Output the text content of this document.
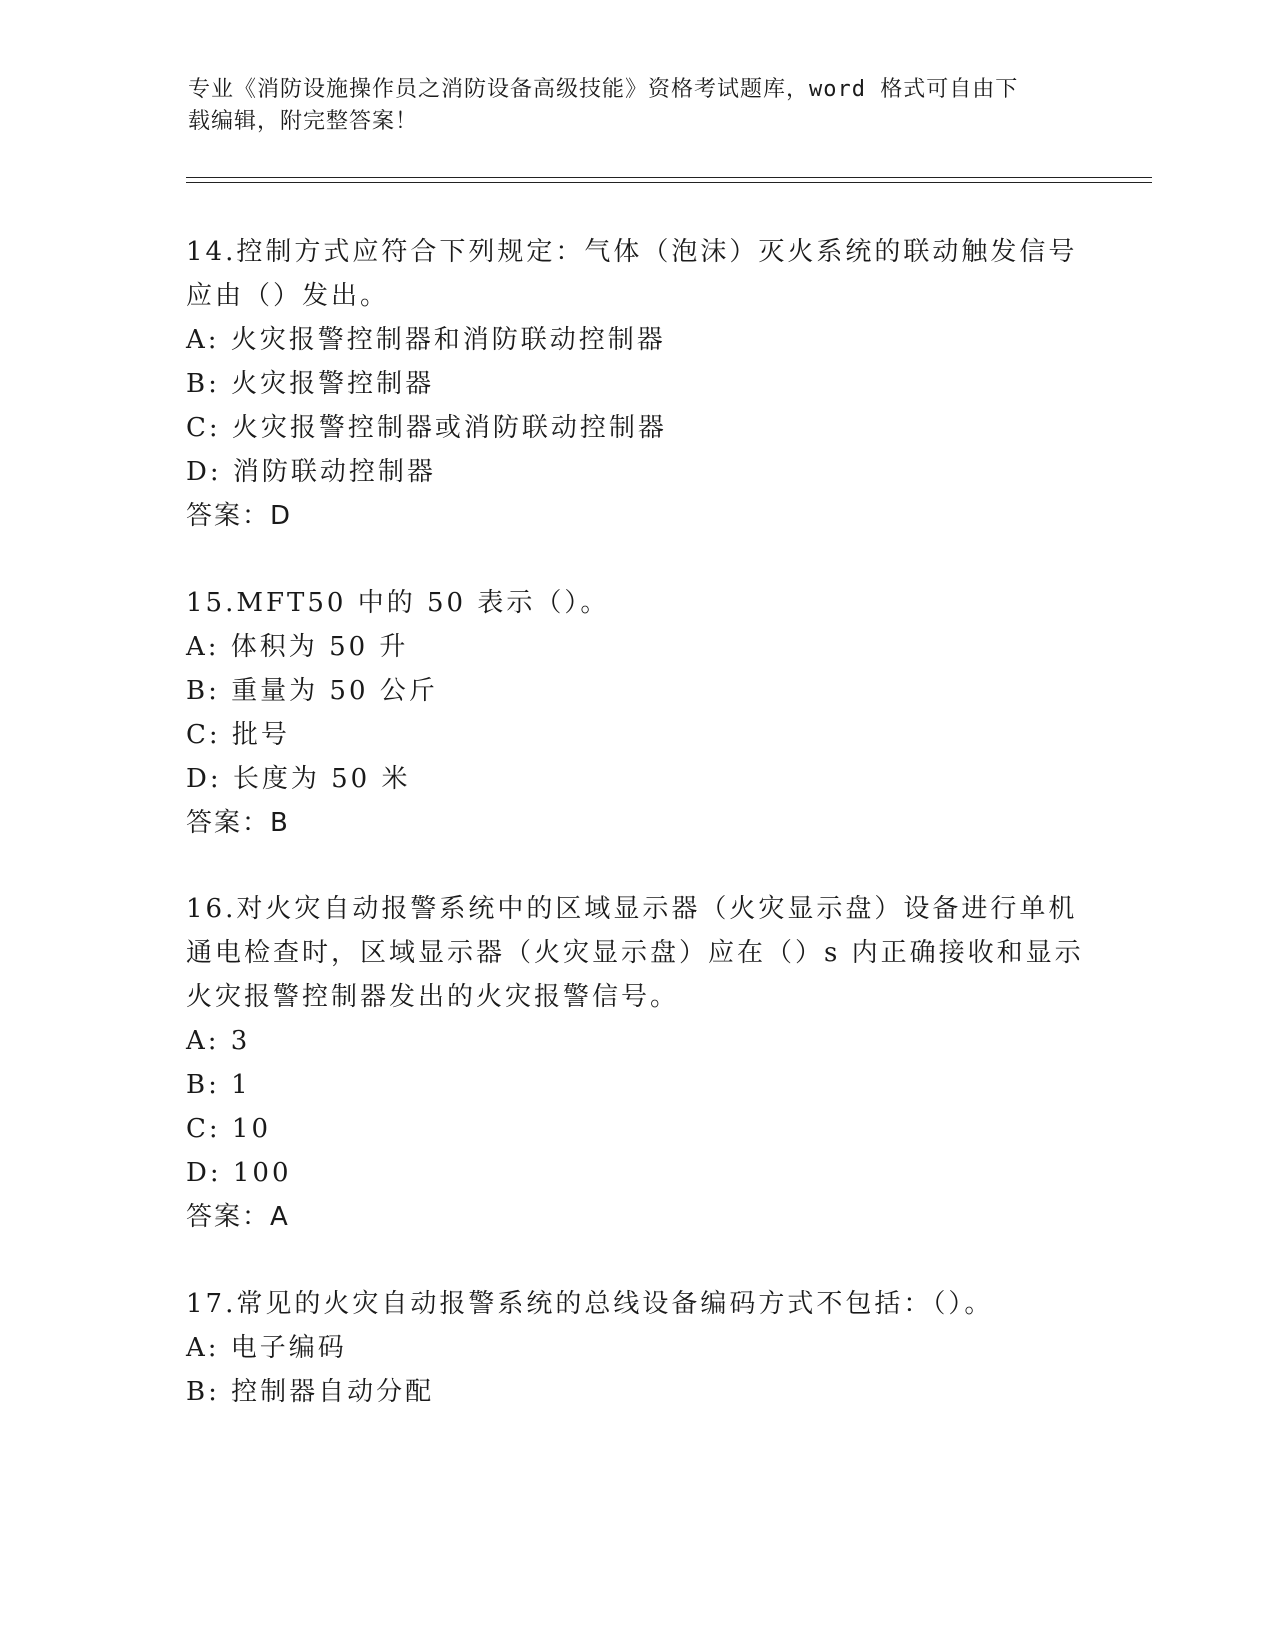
专业《消防设施操作员之消防设备高级技能》资格考试题库，word 格式可自由下
载编辑，附完整答案！

14.控制方式应符合下列规定：气体（泡沫）灭火系统的联动触发信号

应由（）发出。

A: 火灾报警控制器和消防联动控制器

B: 火灾报警控制器

C: 火灾报警控制器或消防联动控制器

D: 消防联动控制器

答案：D

15.MFT50 中的 50 表示（）。

A: 体积为 50 升

B: 重量为 50 公斤

C: 批号

D: 长度为 50 米

答案：B

16.对火灾自动报警系统中的区域显示器（火灾显示盘）设备进行单机

通电检查时，区域显示器（火灾显示盘）应在（）s 内正确接收和显示

火灾报警控制器发出的火灾报警信号。

A: 3

B: 1

C: 10

D: 100

答案：A

17.常见的火灾自动报警系统的总线设备编码方式不包括：（）。

A: 电子编码

B: 控制器自动分配
